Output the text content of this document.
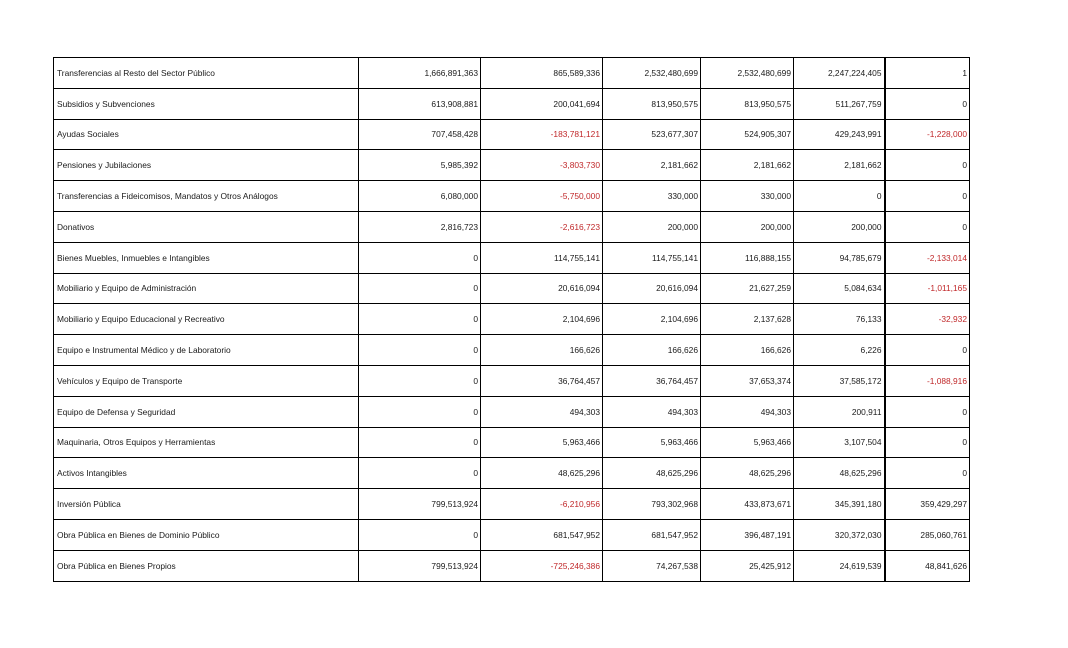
Transferencias al Resto del Sector Público	1,666,891,363	865,589,336	2,532,480,699	2,532,480,699	2,247,224,405	1
Subsidios y Subvenciones	613,908,881	200,041,694	813,950,575	813,950,575	511,267,759	0
Ayudas Sociales	707,458,428	-183,781,121	523,677,307	524,905,307	429,243,991	-1,228,000
Pensiones y Jubilaciones	5,985,392	-3,803,730	2,181,662	2,181,662	2,181,662	0
Transferencias a Fideicomisos, Mandatos y Otros Análogos	6,080,000	-5,750,000	330,000	330,000	0	0
Donativos	2,816,723	-2,616,723	200,000	200,000	200,000	0
Bienes Muebles, Inmuebles e Intangibles	0	114,755,141	114,755,141	116,888,155	94,785,679	-2,133,014
Mobiliario y Equipo de Administración	0	20,616,094	20,616,094	21,627,259	5,084,634	-1,011,165
Mobiliario y Equipo Educacional y Recreativo	0	2,104,696	2,104,696	2,137,628	76,133	-32,932
Equipo e Instrumental Médico y de Laboratorio	0	166,626	166,626	166,626	6,226	0
Vehículos y Equipo de Transporte	0	36,764,457	36,764,457	37,653,374	37,585,172	-1,088,916
Equipo de Defensa y Seguridad	0	494,303	494,303	494,303	200,911	0
Maquinaria, Otros Equipos y Herramientas	0	5,963,466	5,963,466	5,963,466	3,107,504	0
Activos Intangibles	0	48,625,296	48,625,296	48,625,296	48,625,296	0
Inversión Pública	799,513,924	-6,210,956	793,302,968	433,873,671	345,391,180	359,429,297
Obra Pública en Bienes de Dominio Público	0	681,547,952	681,547,952	396,487,191	320,372,030	285,060,761
Obra Pública en Bienes Propios	799,513,924	-725,246,386	74,267,538	25,425,912	24,619,539	48,841,626
